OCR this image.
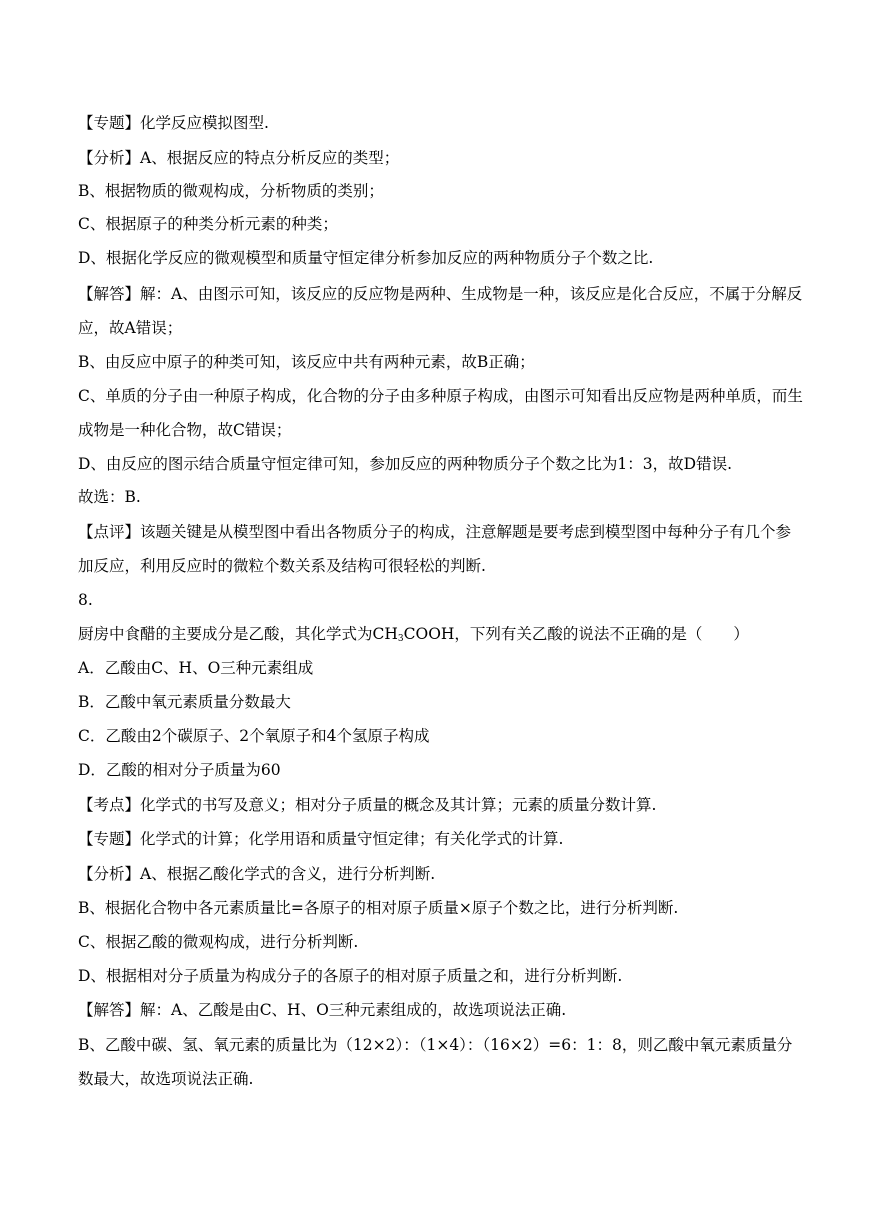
【专题】化学反应模拟图型.
【分析】A、根据反应的特点分析反应的类型；
B、根据物质的微观构成，分析物质的类别；
C、根据原子的种类分析元素的种类；
D、根据化学反应的微观模型和质量守恒定律分析参加反应的两种物质分子个数之比.
【解答】解：A、由图示可知，该反应的反应物是两种、生成物是一种，该反应是化合反应，不属于分解反
应，故A错误；
B、由反应中原子的种类可知，该反应中共有两种元素，故B正确；
C、单质的分子由一种原子构成，化合物的分子由多种原子构成，由图示可知看出反应物是两种单质，而生
成物是一种化合物，故C错误；
D、由反应的图示结合质量守恒定律可知，参加反应的两种物质分子个数之比为1：3，故D错误.
故选：B.
【点评】该题关键是从模型图中看出各物质分子的构成，注意解题是要考虑到模型图中每种分子有几个参
加反应，利用反应时的微粒个数关系及结构可很轻松的判断.
8.
厨房中食醋的主要成分是乙酸，其化学式为$CH_3COOH$，下列有关乙酸的说法不正确的是（　　）
A．乙酸由C、H、O三种元素组成
B．乙酸中氧元素质量分数最大
C．乙酸由2个碳原子、2个氧原子和4个氢原子构成
D．乙酸的相对分子质量为60
【考点】化学式的书写及意义；相对分子质量的概念及其计算；元素的质量分数计算.
【专题】化学式的计算；化学用语和质量守恒定律；有关化学式的计算.
【分析】A、根据乙酸化学式的含义，进行分析判断.
B、根据化合物中各元素质量比=各原子的相对原子质量×原子个数之比，进行分析判断.
C、根据乙酸的微观构成，进行分析判断.
D、根据相对分子质量为构成分子的各原子的相对原子质量之和，进行分析判断.
【解答】解：A、乙酸是由C、H、O三种元素组成的，故选项说法正确.
B、乙酸中碳、氢、氧元素的质量比为（12×2）：（1×4）：（16×2）=6：1：8，则乙酸中氧元素质量分
数最大，故选项说法正确.
